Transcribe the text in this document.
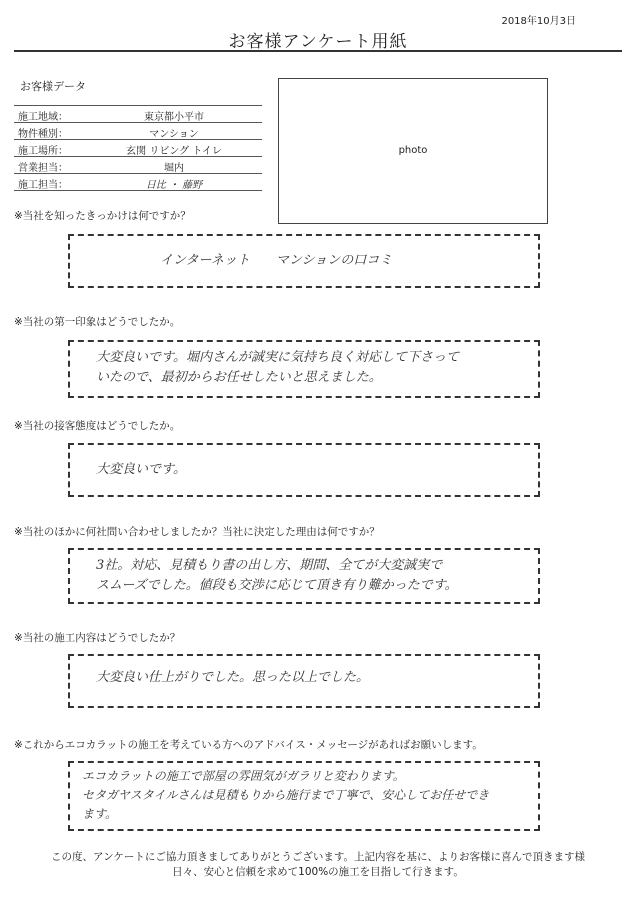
2018年10月3日
お客様アンケート用紙
お客様データ
施工地域：	東京都小平市
物件種別：	マンション
施工場所：	玄関 リビング トイレ
営業担当：	堀内
施工担当：	日比 ・ 藤野
photo
※当社を知ったきっかけは何ですか？
インターネット　　マンションの口コミ
※当社の第一印象はどうでしたか。
大変良いです。堀内さんが誠実に気持ち良く対応して下さって
いたので、最初からお任せしたいと思えました。
※当社の接客態度はどうでしたか。
大変良いです。
※当社のほかに何社問い合わせしましたか？当社に決定した理由は何ですか？
3社。対応、見積もり書の出し方、期間、全てが大変誠実で
スムーズでした。値段も交渉に応じて頂き有り難かったです。
※当社の施工内容はどうでしたか？
大変良い仕上がりでした。思った以上でした。
※これからエコカラットの施工を考えている方へのアドバイス・メッセージがあればお願いします。
エコカラットの施工で部屋の雰囲気がガラリと変わります。
セタガヤスタイルさんは見積もりから施行まで丁寧で、安心してお任せでき
ます。
この度、アンケートにご協力頂きましてありがとうございます。上記内容を基に、よりお客様に喜んで頂きます様
日々、安心と信頼を求めて100%の施工を目指して行きます。
